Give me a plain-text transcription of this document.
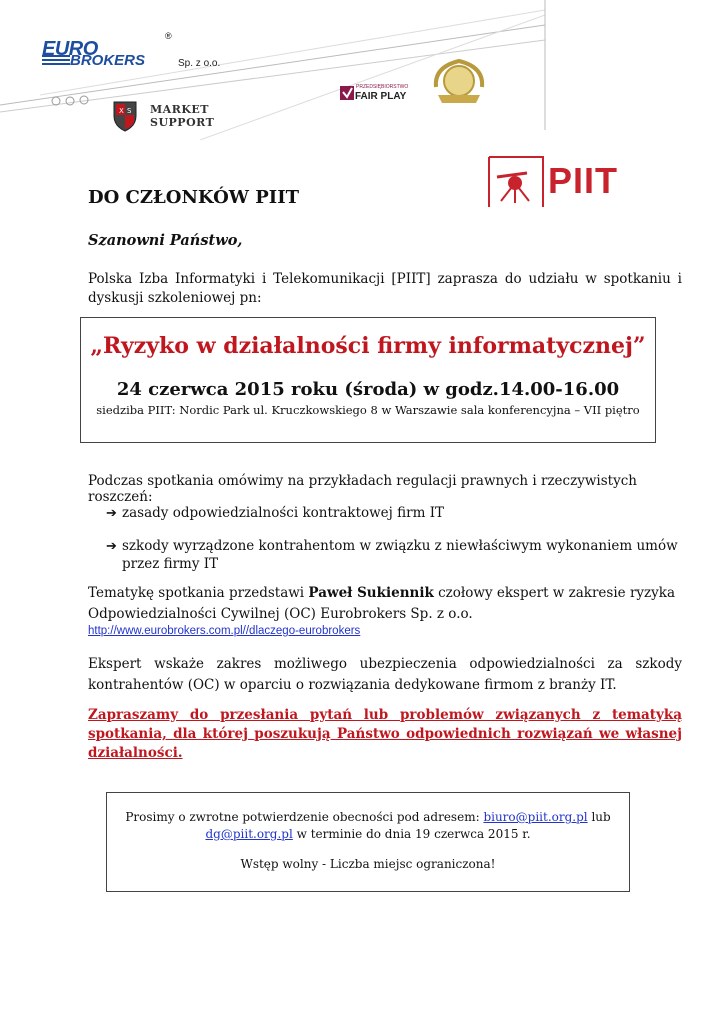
EURO
BROKERS
®
Sp. z o.o.
X S MARKET
SUPPORT
PRZEDSIĘBIORSTWO
FAIR PLAY
PIIT
DO CZŁONKÓW PIIT
Szanowni Państwo,
Polska Izba Informatyki i Telekomunikacji [PIIT] zaprasza do udziału w spotkaniu i dyskusji szkoleniowej pn:
„Ryzyko w działalności firmy informatycznej”
24 czerwca 2015 roku (środa) w godz.14.00-16.00
siedziba PIIT: Nordic Park ul. Kruczkowskiego 8 w Warszawie sala konferencyjna – VII piętro
Podczas spotkania omówimy na przykładach regulacji prawnych i rzeczywistych roszczeń:
➔ zasady odpowiedzialności kontraktowej firm IT
➔ szkody wyrządzone kontrahentom w związku z niewłaściwym wykonaniem umów przez firmy IT
Tematykę spotkania przedstawi Paweł Sukiennik czołowy ekspert w zakresie ryzyka Odpowiedzialności Cywilnej (OC) Eurobrokers Sp. z o.o.
http://www.eurobrokers.com.pl//dlaczego-eurobrokers
Ekspert wskaże zakres możliwego ubezpieczenia odpowiedzialności za szkody kontrahentów (OC) w oparciu o rozwiązania dedykowane firmom z branży IT.
Zapraszamy do przesłania pytań lub problemów związanych z tematyką spotkania, dla której poszukują Państwo odpowiednich rozwiązań we własnej działalności.
Prosimy o zwrotne potwierdzenie obecności pod adresem: biuro@piit.org.pl lub
dg@piit.org.pl w terminie do dnia 19 czerwca 2015 r.
Wstęp wolny - Liczba miejsc ograniczona!
